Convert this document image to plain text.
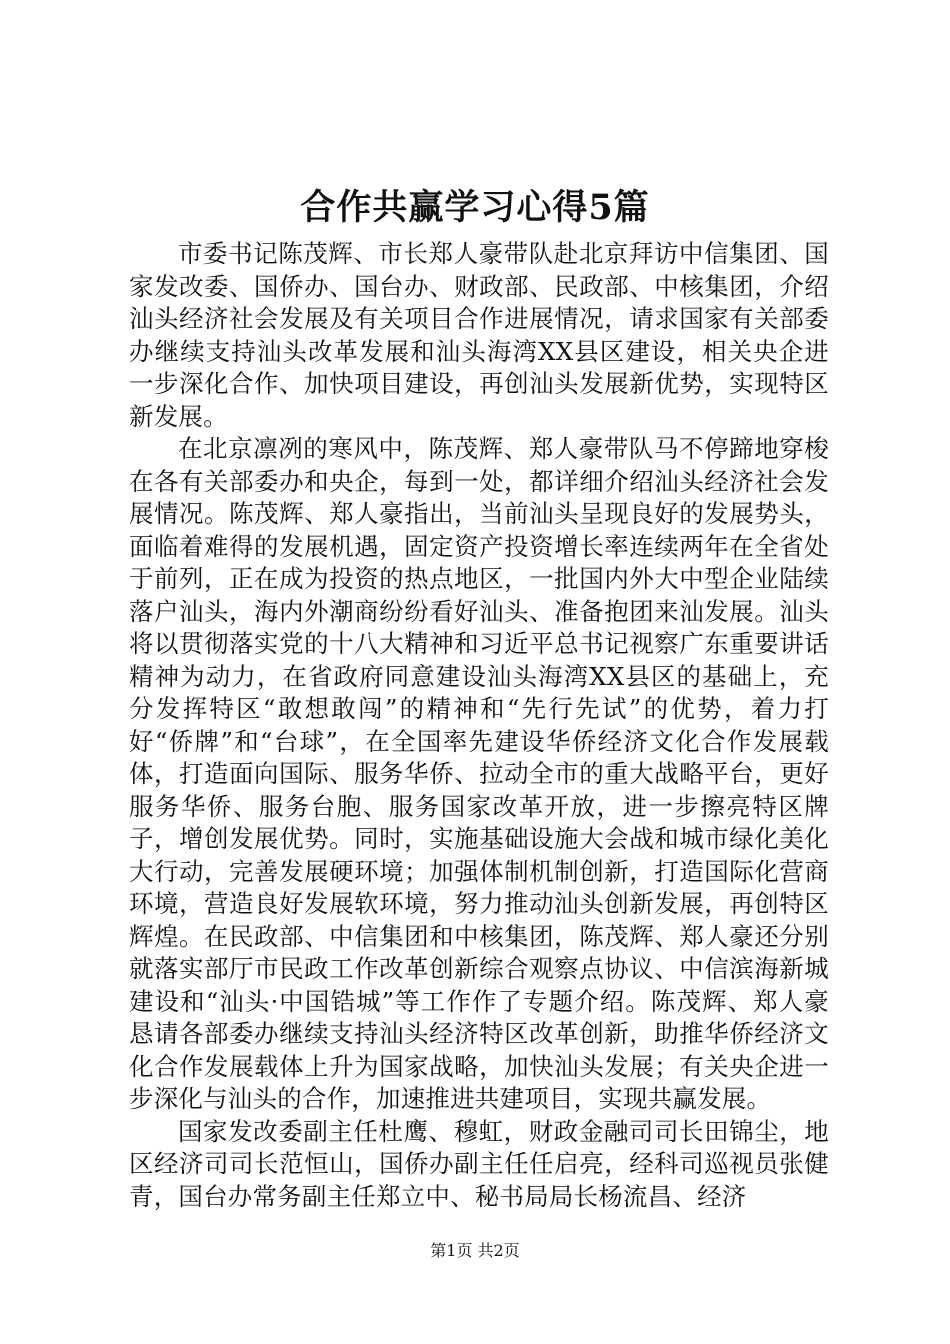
合作共赢学习心得5篇

市委书记陈茂辉、市长郑人豪带队赴北京拜访中信集团、国家发改委、国侨办、国台办、财政部、民政部、中核集团，介绍汕头经济社会发展及有关项目合作进展情况，请求国家有关部委办继续支持汕头改革发展和汕头海湾XX县区建设，相关央企进一步深化合作、加快项目建设，再创汕头发展新优势，实现特区新发展。

在北京凛冽的寒风中，陈茂辉、郑人豪带队马不停蹄地穿梭在各有关部委办和央企，每到一处，都详细介绍汕头经济社会发展情况。陈茂辉、郑人豪指出，当前汕头呈现良好的发展势头，面临着难得的发展机遇，固定资产投资增长率连续两年在全省处于前列，正在成为投资的热点地区，一批国内外大中型企业陆续落户汕头，海内外潮商纷纷看好汕头、准备抱团来汕发展。汕头将以贯彻落实党的十八大精神和习近平总书记视察广东重要讲话精神为动力，在省政府同意建设汕头海湾XX县区的基础上，充分发挥特区“敢想敢闯”的精神和“先行先试”的优势，着力打好“侨牌”和“台球”，在全国率先建设华侨经济文化合作发展载体，打造面向国际、服务华侨、拉动全市的重大战略平台，更好服务华侨、服务台胞、服务国家改革开放，进一步擦亮特区牌子，增创发展优势。同时，实施基础设施大会战和城市绿化美化大行动，完善发展硬环境；加强体制机制创新，打造国际化营商环境，营造良好发展软环境，努力推动汕头创新发展，再创特区辉煌。在民政部、中信集团和中核集团，陈茂辉、郑人豪还分别就落实部厅市民政工作改革创新综合观察点协议、中信滨海新城建设和“汕头·中国锆城”等工作作了专题介绍。陈茂辉、郑人豪恳请各部委办继续支持汕头经济特区改革创新，助推华侨经济文化合作发展载体上升为国家战略，加快汕头发展；有关央企进一步深化与汕头的合作，加速推进共建项目，实现共赢发展。

国家发改委副主任杜鹰、穆虹，财政金融司司长田锦尘，地区经济司司长范恒山，国侨办副主任任启亮，经科司巡视员张健青，国台办常务副主任郑立中、秘书局局长杨流昌、经济

第1页 共2页
